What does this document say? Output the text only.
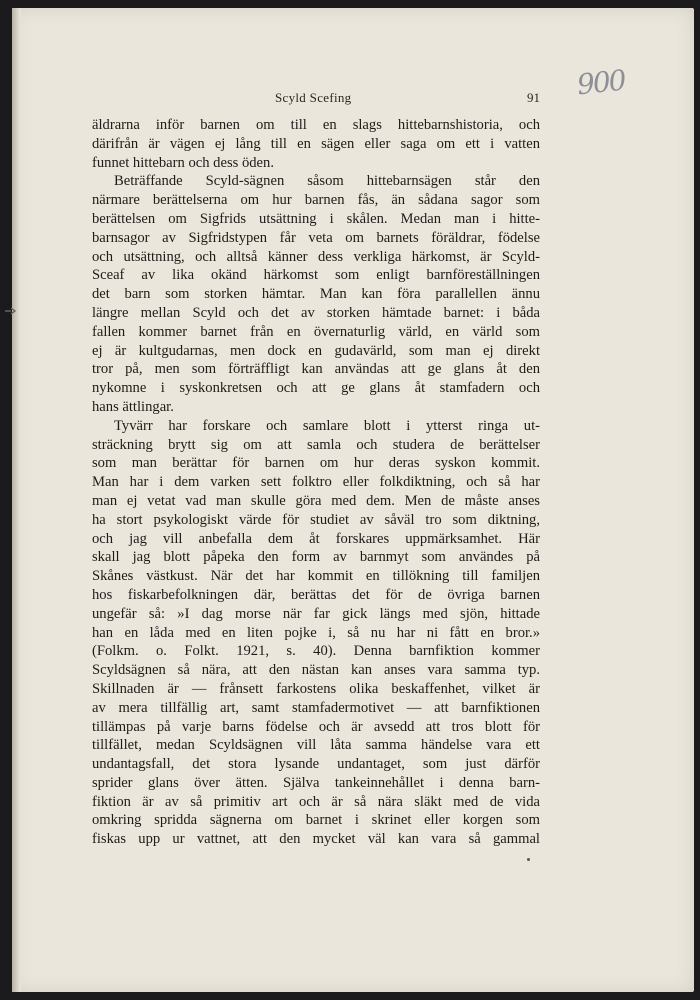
Scyld Scefing	91 900
äldrarna inför barnen om till en slags hittebarnshistoria, och
därifrån är vägen ej lång till en sägen eller saga om ett i vatten
funnet hittebarn och dess öden.
Beträffande Scyld-sägnen såsom hittebarnsägen står den
närmare berättelserna om hur barnen fås, än sådana sagor som
berättelsen om Sigfrids utsättning i skålen. Medan man i hitte-
barnsagor av Sigfridstypen får veta om barnets föräldrar, födelse
och utsättning, och alltså känner dess verkliga härkomst, är Scyld-
Sceaf av lika okänd härkomst som enligt barnföreställningen
det barn som storken hämtar. Man kan föra parallellen ännu
längre mellan Scyld och det av storken hämtade barnet: i båda
fallen kommer barnet från en övernaturlig värld, en värld som
ej är kultgudarnas, men dock en gudavärld, som man ej direkt
tror på, men som förträffligt kan användas att ge glans åt den
nykomne i syskonkretsen och att ge glans åt stamfadern och
hans ättlingar.
Tyvärr har forskare och samlare blott i ytterst ringa ut-
sträckning brytt sig om att samla och studera de berättelser
som man berättar för barnen om hur deras syskon kommit.
Man har i dem varken sett folktro eller folkdiktning, och så har
man ej vetat vad man skulle göra med dem. Men de måste anses
ha stort psykologiskt värde för studiet av såväl tro som diktning,
och jag vill anbefalla dem åt forskares uppmärksamhet. Här
skall jag blott påpeka den form av barnmyt som användes på
Skånes västkust. När det har kommit en tillökning till familjen
hos fiskarbefolkningen där, berättas det för de övriga barnen
ungefär så: »I dag morse när far gick längs med sjön, hittade
han en låda med en liten pojke i, så nu har ni fått en bror.»
(Folkm. o. Folkt. 1921, s. 40). Denna barnfiktion kommer
Scyldsägnen så nära, att den nästan kan anses vara samma typ.
Skillnaden är — frånsett farkostens olika beskaffenhet, vilket är
av mera tillfällig art, samt stamfadermotivet — att barnfiktionen
tillämpas på varje barns födelse och är avsedd att tros blott för
tillfället, medan Scyldsägnen vill låta samma händelse vara ett
undantagsfall, det stora lysande undantaget, som just därför
sprider glans över ätten. Själva tankeinnehållet i denna barn-
fiktion är av så primitiv art och är så nära släkt med de vida
omkring spridda sägnerna om barnet i skrinet eller korgen som
fiskas upp ur vattnet, att den mycket väl kan vara så gammal
